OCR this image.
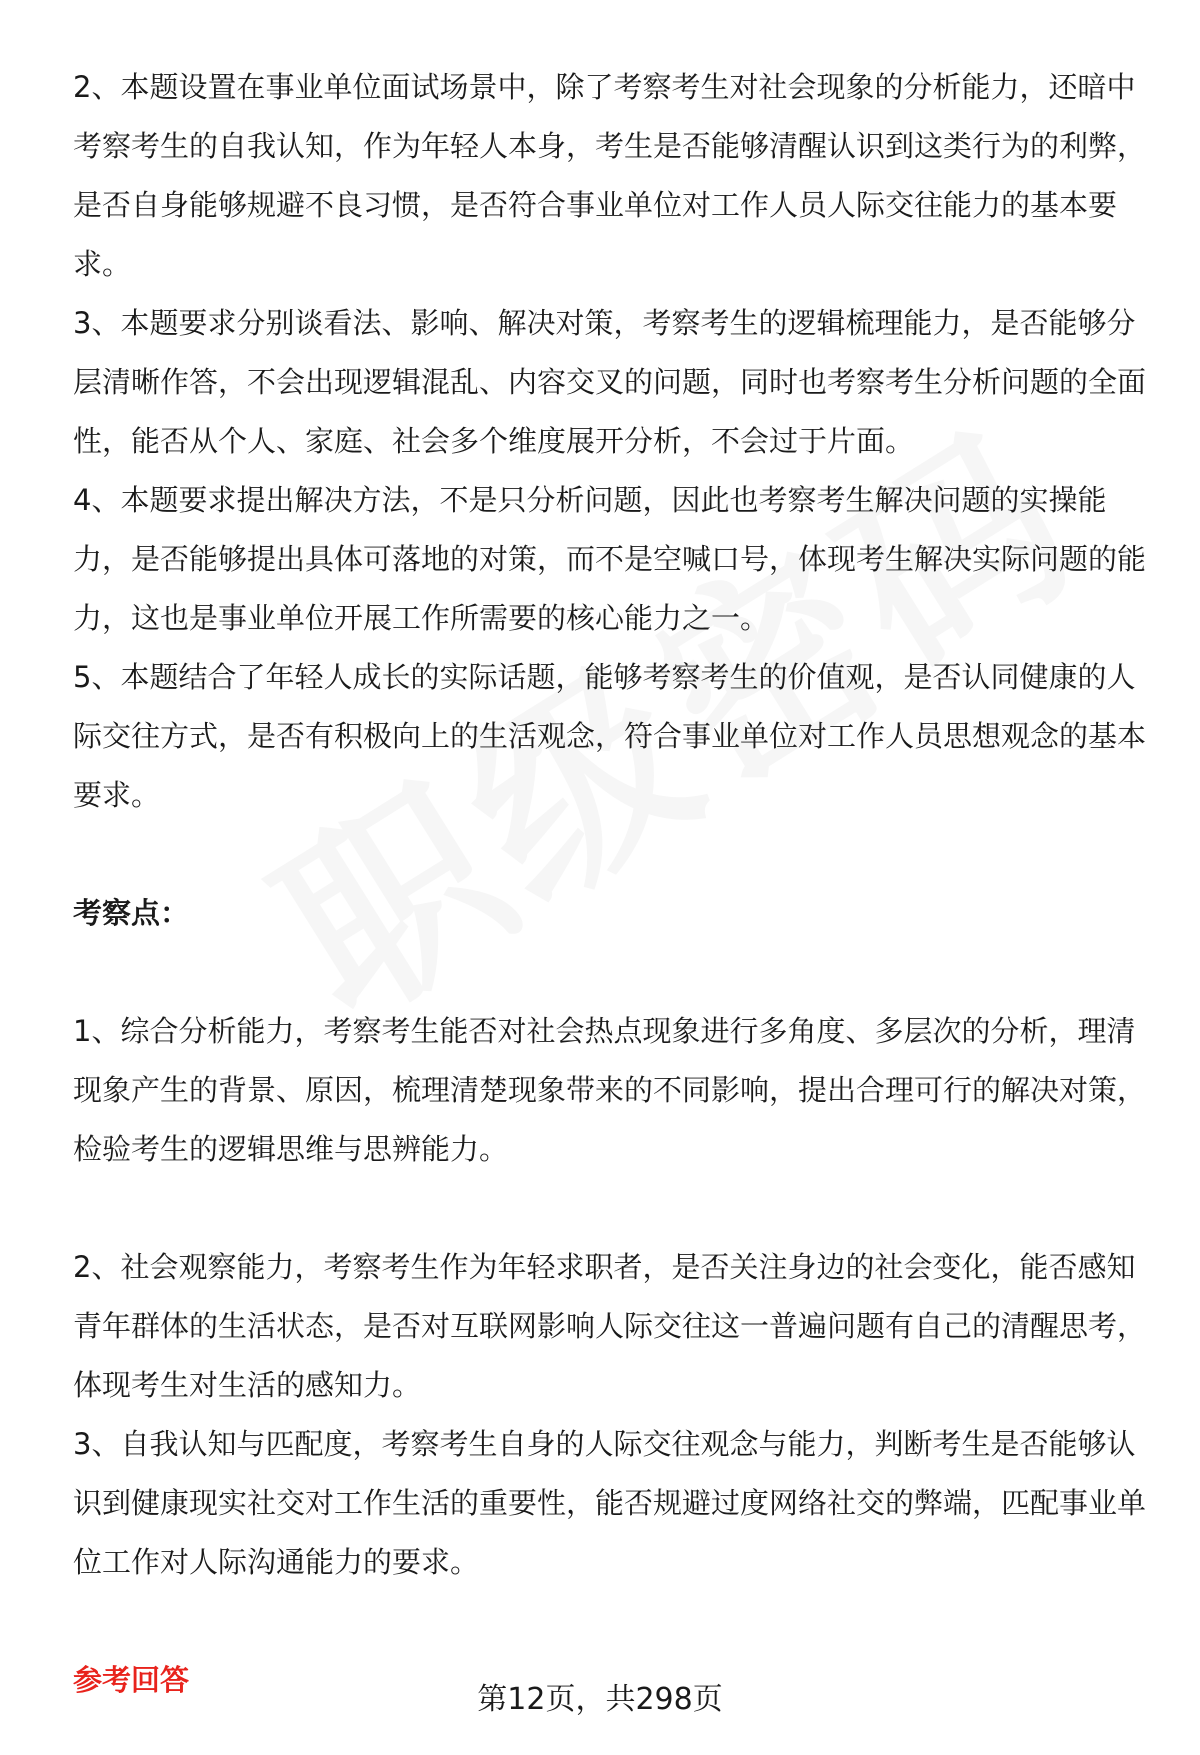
2、本题设置在事业单位面试场景中，除了考察考生对社会现象的分析能力，还暗中考察考生的自我认知，作为年轻人本身，考生是否能够清醒认识到这类行为的利弊，是否自身能够规避不良习惯，是否符合事业单位对工作人员人际交往能力的基本要求。

3、本题要求分别谈看法、影响、解决对策，考察考生的逻辑梳理能力，是否能够分层清晰作答，不会出现逻辑混乱、内容交叉的问题，同时也考察考生分析问题的全面性，能否从个人、家庭、社会多个维度展开分析，不会过于片面。

4、本题要求提出解决方法，不是只分析问题，因此也考察考生解决问题的实操能力，是否能够提出具体可落地的对策，而不是空喊口号，体现考生解决实际问题的能力，这也是事业单位开展工作所需要的核心能力之一。

5、本题结合了年轻人成长的实际话题，能够考察考生的价值观，是否认同健康的人际交往方式，是否有积极向上的生活观念，符合事业单位对工作人员思想观念的基本要求。

考察点：

1、综合分析能力，考察考生能否对社会热点现象进行多角度、多层次的分析，理清现象产生的背景、原因，梳理清楚现象带来的不同影响，提出合理可行的解决对策，检验考生的逻辑思维与思辨能力。

2、社会观察能力，考察考生作为年轻求职者，是否关注身边的社会变化，能否感知青年群体的生活状态，是否对互联网影响人际交往这一普遍问题有自己的清醒思考，体现考生对生活的感知力。

3、自我认知与匹配度，考察考生自身的人际交往观念与能力，判断考生是否能够认识到健康现实社交对工作生活的重要性，能否规避过度网络社交的弊端，匹配事业单位工作对人际沟通能力的要求。

参考回答

第12页，共298页
